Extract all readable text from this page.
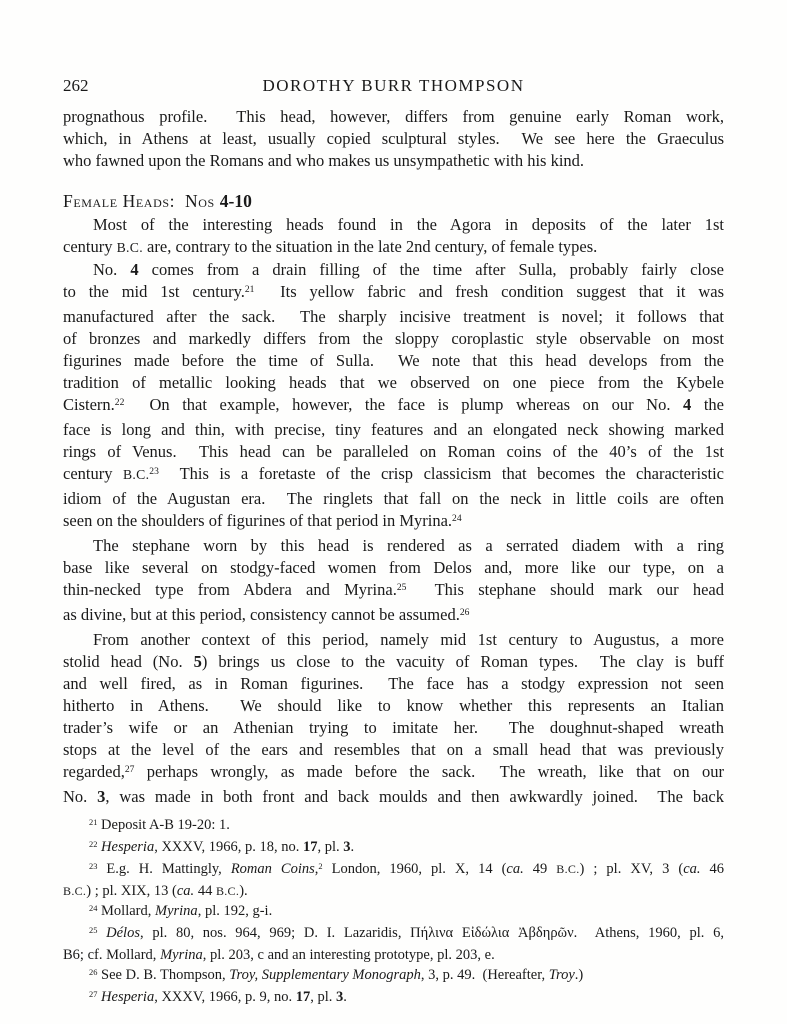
262	DOROTHY BURR THOMPSON
prognathous profile.  This head, however, differs from genuine early Roman work,
which, in Athens at least, usually copied sculptural styles.  We see here the Graeculus
who fawned upon the Romans and who makes us unsympathetic with his kind.
Female Heads:  Nos 4-10
Most of the interesting heads found in the Agora in deposits of the later 1st
century B.C. are, contrary to the situation in the late 2nd century, of female types.
No. 4 comes from a drain filling of the time after Sulla, probably fairly close
to the mid 1st century.$^{21}$  Its yellow fabric and fresh condition suggest that it was
manufactured after the sack.  The sharply incisive treatment is novel; it follows that
of bronzes and markedly differs from the sloppy coroplastic style observable on most
figurines made before the time of Sulla.  We note that this head develops from the
tradition of metallic looking heads that we observed on one piece from the Kybele
Cistern.$^{22}$  On that example, however, the face is plump whereas on our No. 4 the
face is long and thin, with precise, tiny features and an elongated neck showing marked
rings of Venus.  This head can be paralleled on Roman coins of the 40’s of the 1st
century B.C.$^{23}$  This is a foretaste of the crisp classicism that becomes the characteristic
idiom of the Augustan era.  The ringlets that fall on the neck in little coils are often
seen on the shoulders of figurines of that period in Myrina.$^{24}$
The stephane worn by this head is rendered as a serrated diadem with a ring
base like several on stodgy-faced women from Delos and, more like our type, on a
thin-necked type from Abdera and Myrina.$^{25}$  This stephane should mark our head
as divine, but at this period, consistency cannot be assumed.$^{26}$
From another context of this period, namely mid 1st century to Augustus, a more
stolid head (No. 5) brings us close to the vacuity of Roman types.  The clay is buff
and well fired, as in Roman figurines.  The face has a stodgy expression not seen
hitherto in Athens.  We should like to know whether this represents an Italian
trader’s wife or an Athenian trying to imitate her.  The doughnut-shaped wreath
stops at the level of the ears and resembles that on a small head that was previously
regarded,$^{27}$ perhaps wrongly, as made before the sack.  The wreath, like that on our
No. 3, was made in both front and back moulds and then awkwardly joined.  The back
$^{21}$ Deposit A-B 19-20: 1.
$^{22}$ Hesperia, XXXV, 1966, p. 18, no. 17, pl. 3.
$^{23}$ E.g. H. Mattingly, Roman Coins,$^2$ London, 1960, pl. X, 14 (ca. 49 B.C.) ; pl. XV, 3 (ca. 46
B.C.) ; pl. XIX, 13 (ca. 44 B.C.).
$^{24}$ Mollard, Myrina, pl. 192, g-i.
$^{25}$ Délos, pl. 80, nos. 964, 969; D. I. Lazaridis, Πήλινα Εἰδώλια Ἀβδηρῶν.  Athens, 1960, pl. 6,
B6; cf. Mollard, Myrina, pl. 203, c and an interesting prototype, pl. 203, e.
$^{26}$ See D. B. Thompson, Troy, Supplementary Monograph, 3, p. 49.  (Hereafter, Troy.)
$^{27}$ Hesperia, XXXV, 1966, p. 9, no. 17, pl. 3.
